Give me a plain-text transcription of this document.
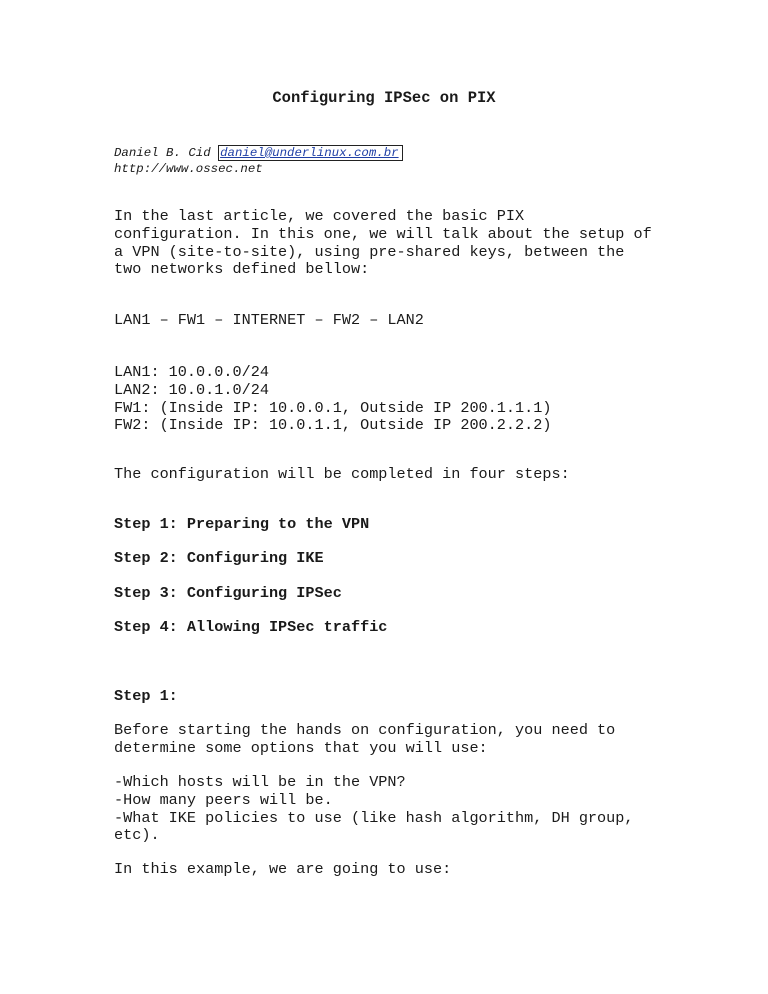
Configuring IPSec on PIX
Daniel B. Cid daniel@underlinux.com.br
http://www.ossec.net
In the last article, we covered the basic PIX
configuration. In this one, we will talk about the setup of
a VPN (site-to-site), using pre-shared keys, between the
two networks defined bellow:
LAN1 – FW1 – INTERNET – FW2 – LAN2
LAN1: 10.0.0.0/24
LAN2: 10.0.1.0/24
FW1: (Inside IP: 10.0.0.1, Outside IP 200.1.1.1)
FW2: (Inside IP: 10.0.1.1, Outside IP 200.2.2.2)
The configuration will be completed in four steps:
Step 1: Preparing to the VPN
Step 2: Configuring IKE
Step 3: Configuring IPSec
Step 4: Allowing IPSec traffic
Step 1:
Before starting the hands on configuration, you need to
determine some options that you will use:
-Which hosts will be in the VPN?
-How many peers will be.
-What IKE policies to use (like hash algorithm, DH group,
etc).
In this example, we are going to use:
